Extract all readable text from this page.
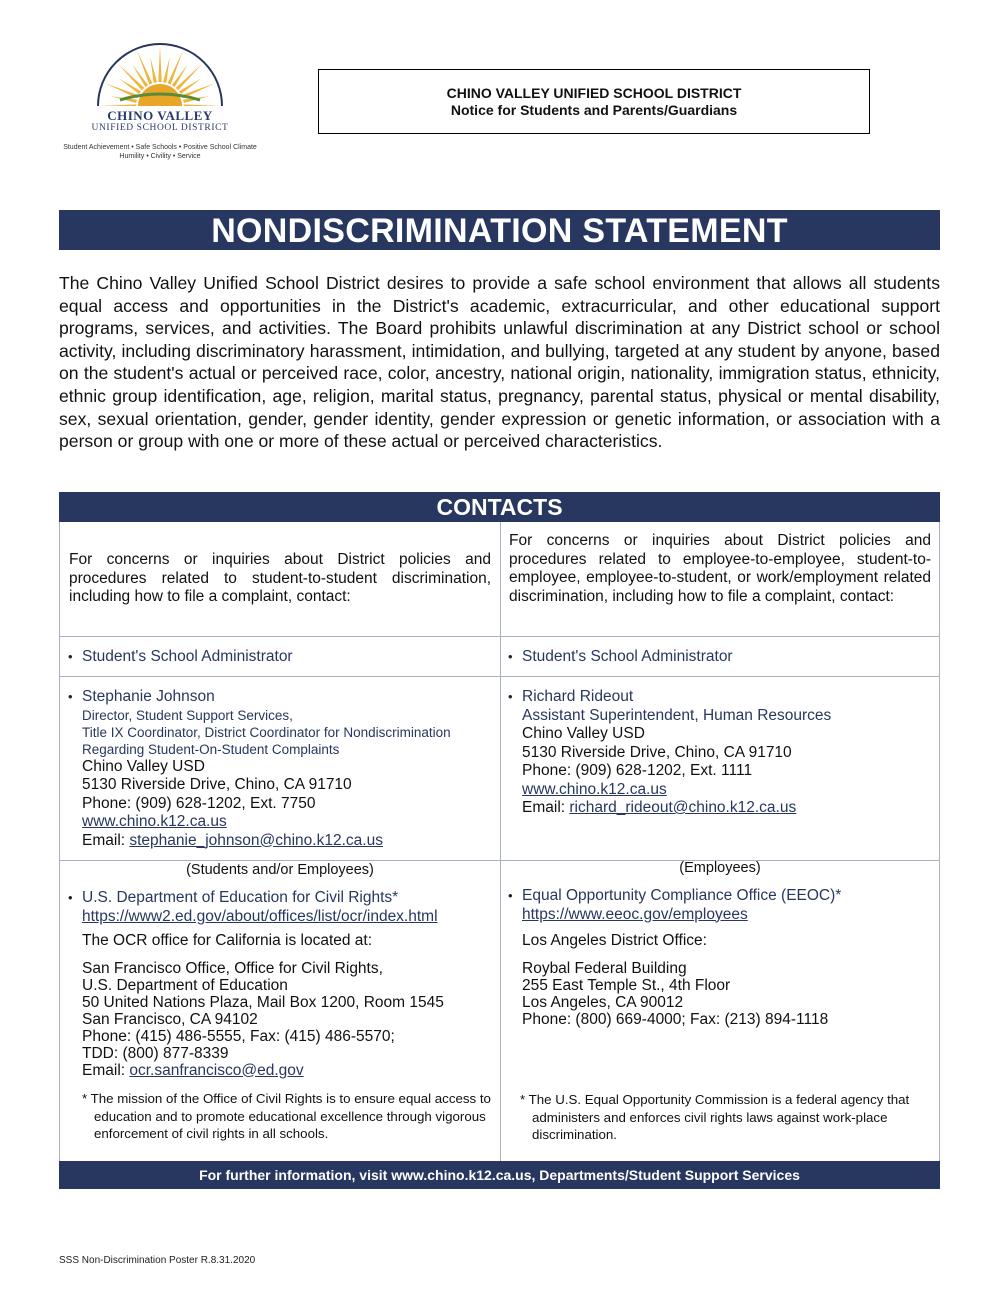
CHINO VALLEY
UNIFIED SCHOOL DISTRICT
Student Achievement • Safe Schools • Positive School Climate
Humility • Civility • Service
CHINO VALLEY UNIFIED SCHOOL DISTRICT
Notice for Students and Parents/Guardians
NONDISCRIMINATION STATEMENT

The Chino Valley Unified School District desires to provide a safe school environment that allows all students equal access and opportunities in the District's academic, extracurricular, and other educational support programs, services, and activities. The Board prohibits unlawful discrimination at any District school or school activity, including discriminatory harassment, intimidation, and bullying, targeted at any student by anyone, based on the student's actual or perceived race, color, ancestry, national origin, nationality, immigration status, ethnicity, ethnic group identification, age, religion, marital status, pregnancy, parental status, physical or mental disability, sex, sexual orientation, gender, gender identity, gender expression or genetic information, or association with a person or group with one or more of these actual or perceived characteristics.

CONTACTS
For concerns or inquiries about District policies and procedures related to student-to-student discrimination, including how to file a complaint, contact:
For concerns or inquiries about District policies and procedures related to employee-to-employee, student-to-employee, employee-to-student, or work/employment related discrimination, including how to file a complaint, contact:
• Student's School Administrator
•	Student's School Administrator
• Stephanie Johnson
Director, Student Support Services,
Title IX Coordinator, District Coordinator for Nondiscrimination
Regarding Student-On-Student Complaints
Chino Valley USD
5130 Riverside Drive, Chino, CA 91710
Phone: (909) 628-1202, Ext. 7750
www.chino.k12.ca.us
Email: stephanie_johnson@chino.k12.ca.us
• Richard Rideout
Assistant Superintendent, Human Resources
Chino Valley USD
5130 Riverside Drive, Chino, CA 91710
Phone: (909) 628-1202, Ext. 1111
www.chino.k12.ca.us
Email: richard_rideout@chino.k12.ca.us
(Students and/or Employees)	(Employees)
• U.S. Department of Education for Civil Rights*
https://www2.ed.gov/about/offices/list/ocr/index.html
The OCR office for California is located at:
San Francisco Office, Office for Civil Rights,
U.S. Department of Education
50 United Nations Plaza, Mail Box 1200, Room 1545
San Francisco, CA 94102
Phone: (415) 486-5555, Fax: (415) 486-5570;
TDD: (800) 877-8339
Email: ocr.sanfrancisco@ed.gov
* The mission of the Office of Civil Rights is to ensure equal access to education and to promote educational excellence through vigorous enforcement of civil rights in all schools.
• Equal Opportunity Compliance Office (EEOC)*
https://www.eeoc.gov/employees
Los Angeles District Office:
Roybal Federal Building
255 East Temple St., 4th Floor
Los Angeles, CA 90012
Phone: (800) 669-4000; Fax: (213) 894-1118
* The U.S. Equal Opportunity Commission is a federal agency that administers and enforces civil rights laws against work-place discrimination.
For further information, visit www.chino.k12.ca.us, Departments/Student Support Services
SSS Non-Discrimination Poster R.8.31.2020
